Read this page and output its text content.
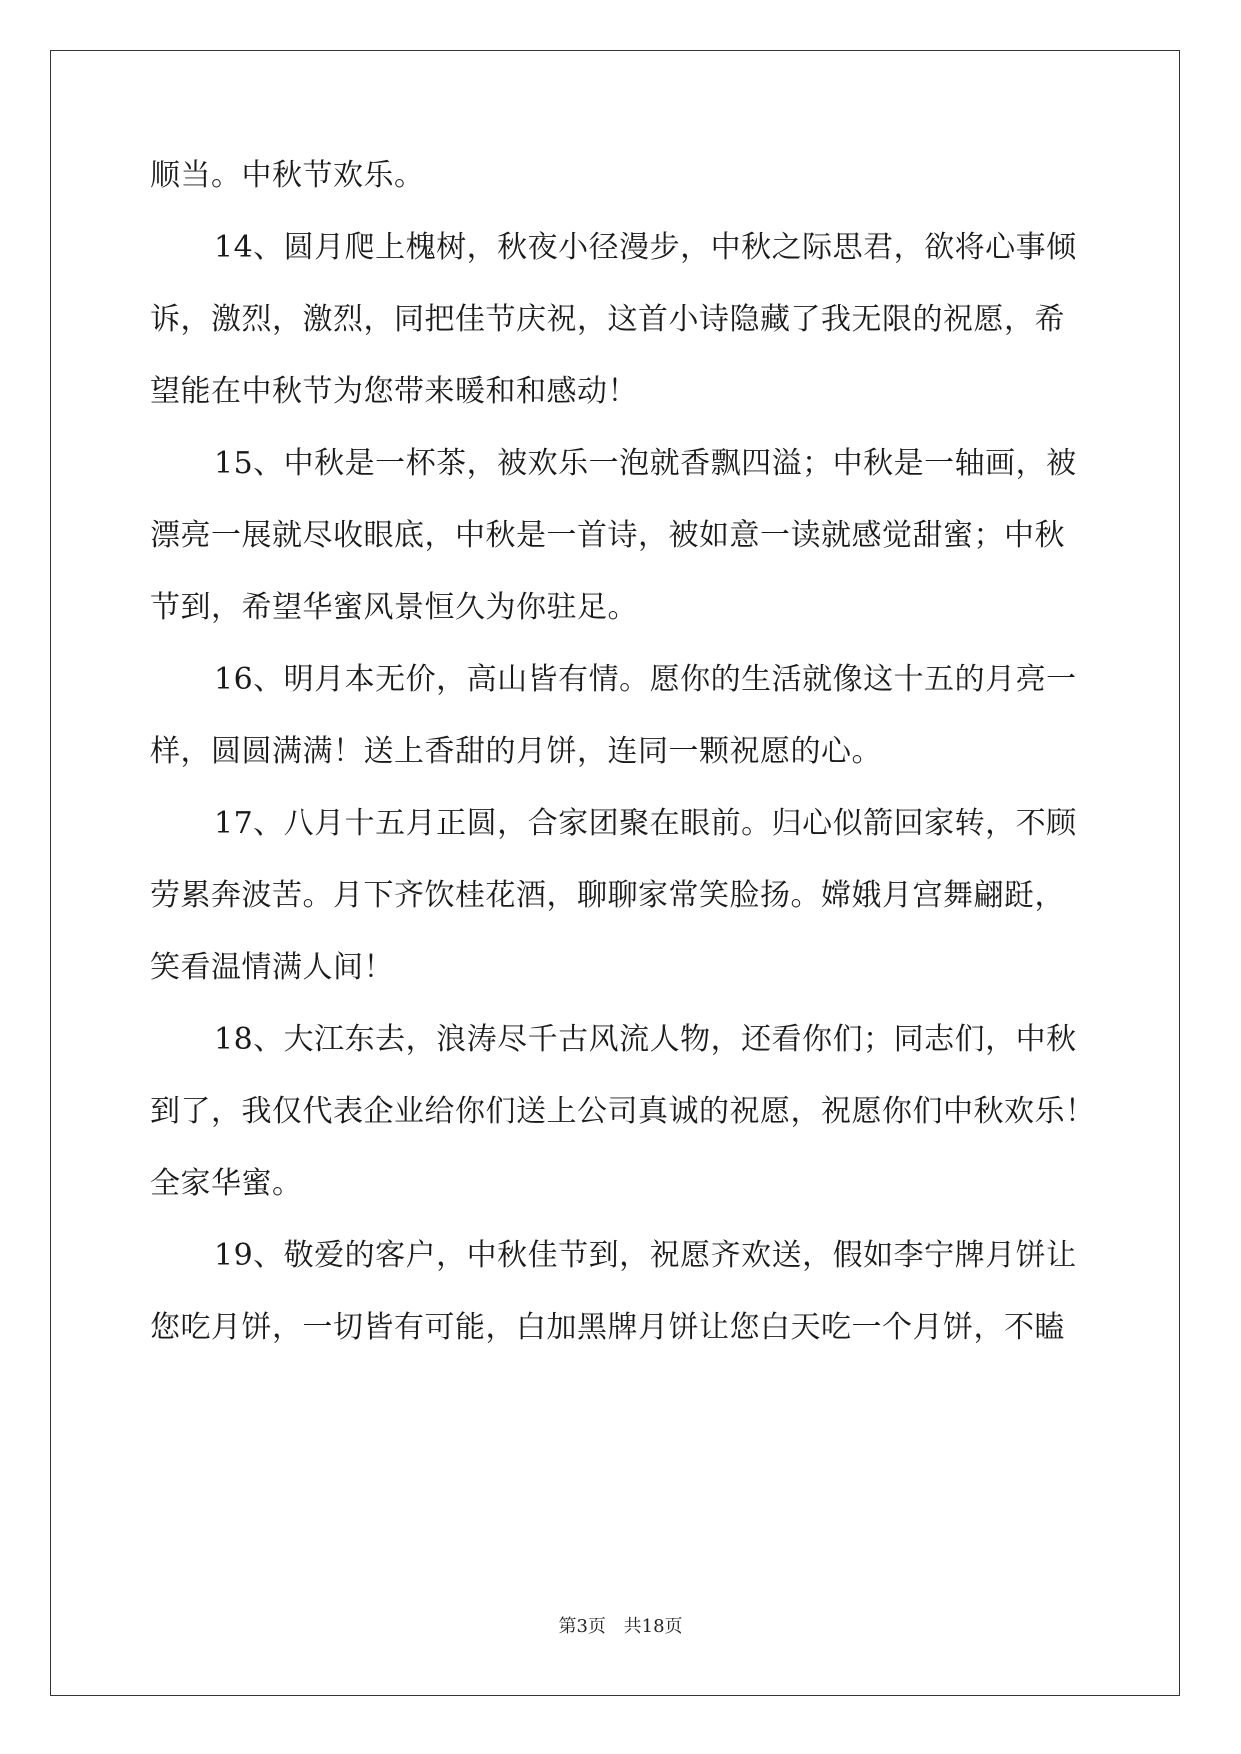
顺当。中秋节欢乐。
14、圆月爬上槐树，秋夜小径漫步，中秋之际思君，欲将心事倾
诉，激烈，激烈，同把佳节庆祝，这首小诗隐藏了我无限的祝愿，希
望能在中秋节为您带来暖和和感动！
15、中秋是一杯茶，被欢乐一泡就香飘四溢；中秋是一轴画，被
漂亮一展就尽收眼底，中秋是一首诗，被如意一读就感觉甜蜜；中秋
节到，希望华蜜风景恒久为你驻足。
16、明月本无价，高山皆有情。愿你的生活就像这十五的月亮一
样，圆圆满满！送上香甜的月饼，连同一颗祝愿的心。
17、八月十五月正圆，合家团聚在眼前。归心似箭回家转，不顾
劳累奔波苦。月下齐饮桂花酒，聊聊家常笑脸扬。嫦娥月宫舞翩跹，
笑看温情满人间！
18、大江东去，浪涛尽千古风流人物，还看你们；同志们，中秋
到了，我仅代表企业给你们送上公司真诚的祝愿，祝愿你们中秋欢乐！
全家华蜜。
19、敬爱的客户，中秋佳节到，祝愿齐欢送，假如李宁牌月饼让
您吃月饼，一切皆有可能，白加黑牌月饼让您白天吃一个月饼，不瞌
第3页 共18页
